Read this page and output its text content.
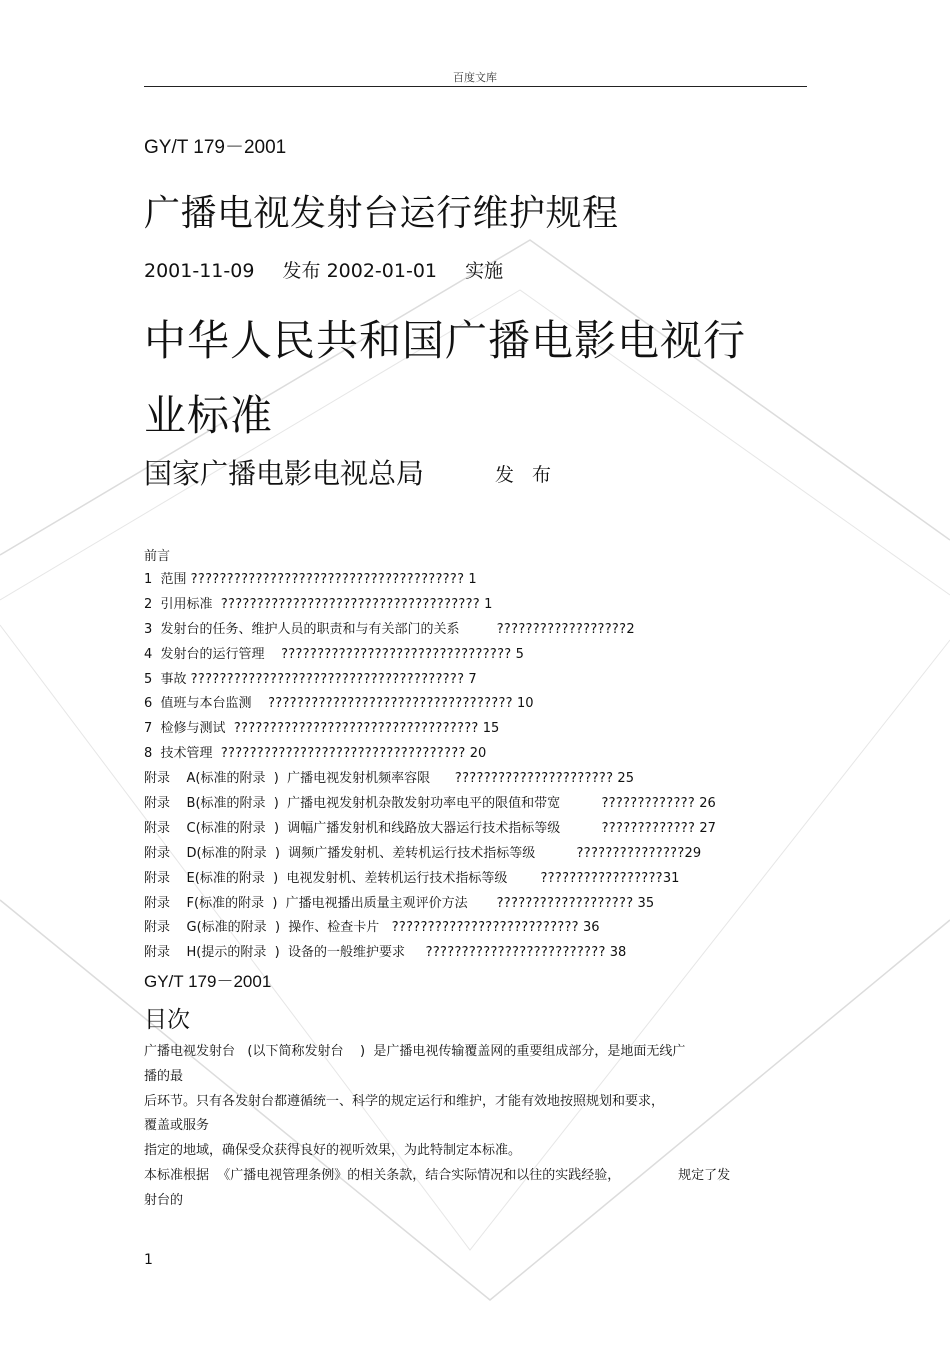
百度文库
GY/T 179－2001
广播电视发射台运行维护规程
2001-11-09 发布 2002-01-01 实施
中华人民共和国广播电影电视行
业标准
国家广播电影电视总局	发 布
前言
1  范围 ?????????????????????????????????????? 1
2  引用标准  ???????????????????????????????????? 1
3  发射台的任务、维护人员的职责和与有关部门的关系         ??????????????????2
4  发射台的运行管理    ???????????????????????????????? 5
5  事故 ?????????????????????????????????????? 7
6  值班与本台监测    ?????????????????????????????????? 10
7  检修与测试  ?????????????????????????????????? 15
8  技术管理  ?????????????????????????????????? 20
附录    A(标准的附录  )  广播电视发射机频率容限      ?????????????????????? 25
附录    B(标准的附录  )  广播电视发射机杂散发射功率电平的限值和带宽          ????????????? 26
附录    C(标准的附录  )  调幅广播发射机和线路放大器运行技术指标等级          ????????????? 27
附录    D(标准的附录  )  调频广播发射机、差转机运行技术指标等级          ???????????????29
附录    E(标准的附录  )  电视发射机、差转机运行技术指标等级        ?????????????????31
附录    F(标准的附录  )  广播电视播出质量主观评价方法       ??????????????????? 35
附录    G(标准的附录  )  操作、检查卡片   ?????????????????????????? 36
附录    H(提示的附录  )  设备的一般维护要求     ????????????????????????? 38
GY/T 179－2001
目次
广播电视发射台   (以下简称发射台    )  是广播电视传输覆盖网的重要组成部分，是地面无线广
播的最
后环节。只有各发射台都遵循统一、科学的规定运行和维护，才能有效地按照规划和要求，
覆盖或服务
指定的地域，确保受众获得良好的视听效果，为此特制定本标准。
本标准根据  《广播电视管理条例》的相关条款，结合实际情况和以往的实践经验，              规定了发
射台的
1
